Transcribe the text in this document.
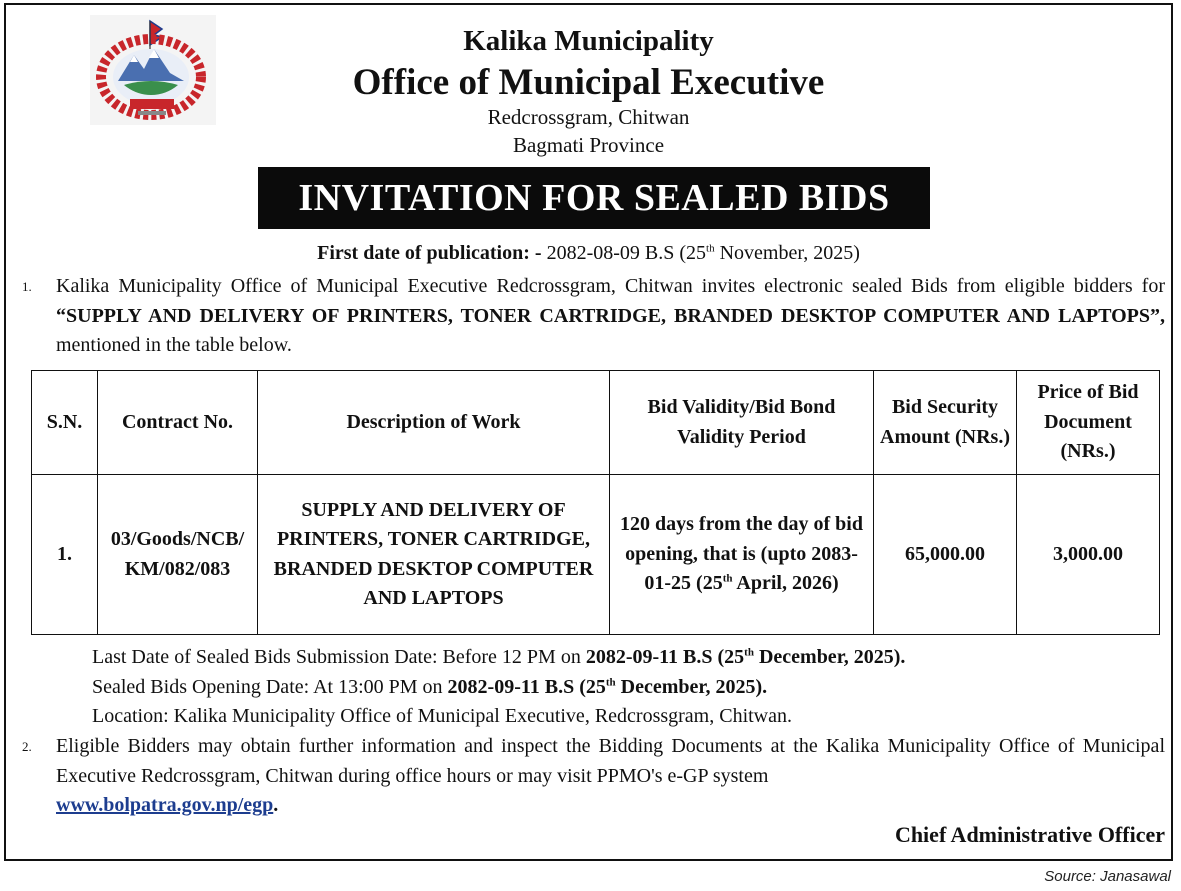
Kalika Municipality
Office of Municipal Executive
Redcrossgram, Chitwan
Bagmati Province
INVITATION FOR SEALED BIDS
First date of publication: - 2082-08-09 B.S (25th November, 2025)
1. Kalika Municipality Office of Municipal Executive Redcrossgram, Chitwan invites electronic sealed Bids from eligible bidders for “SUPPLY AND DELIVERY OF PRINTERS, TONER CARTRIDGE, BRANDED DESKTOP COMPUTER AND LAPTOPS”, mentioned in the table below.
S.N.	Contract No.	Description of Work	Bid Validity/Bid Bond Validity Period	Bid Security Amount (NRs.)	Price of Bid Document (NRs.)
1.	03/Goods/NCB/ KM/082/083	SUPPLY AND DELIVERY OF PRINTERS, TONER CARTRIDGE, BRANDED DESKTOP COMPUTER AND LAPTOPS	120 days from the day of bid opening, that is (upto 2083-01-25 (25th April, 2026)	65,000.00	3,000.00
Last Date of Sealed Bids Submission Date: Before 12 PM on 2082-09-11 B.S (25th December, 2025).
Sealed Bids Opening Date: At 13:00 PM on 2082-09-11 B.S (25th December, 2025).
Location: Kalika Municipality Office of Municipal Executive, Redcrossgram, Chitwan.
2. Eligible Bidders may obtain further information and inspect the Bidding Documents at the Kalika Municipality Office of Municipal Executive Redcrossgram, Chitwan during office hours or may visit PPMO's e-GP system
www.bolpatra.gov.np/egp.
Chief Administrative Officer
Source: Janasawal
